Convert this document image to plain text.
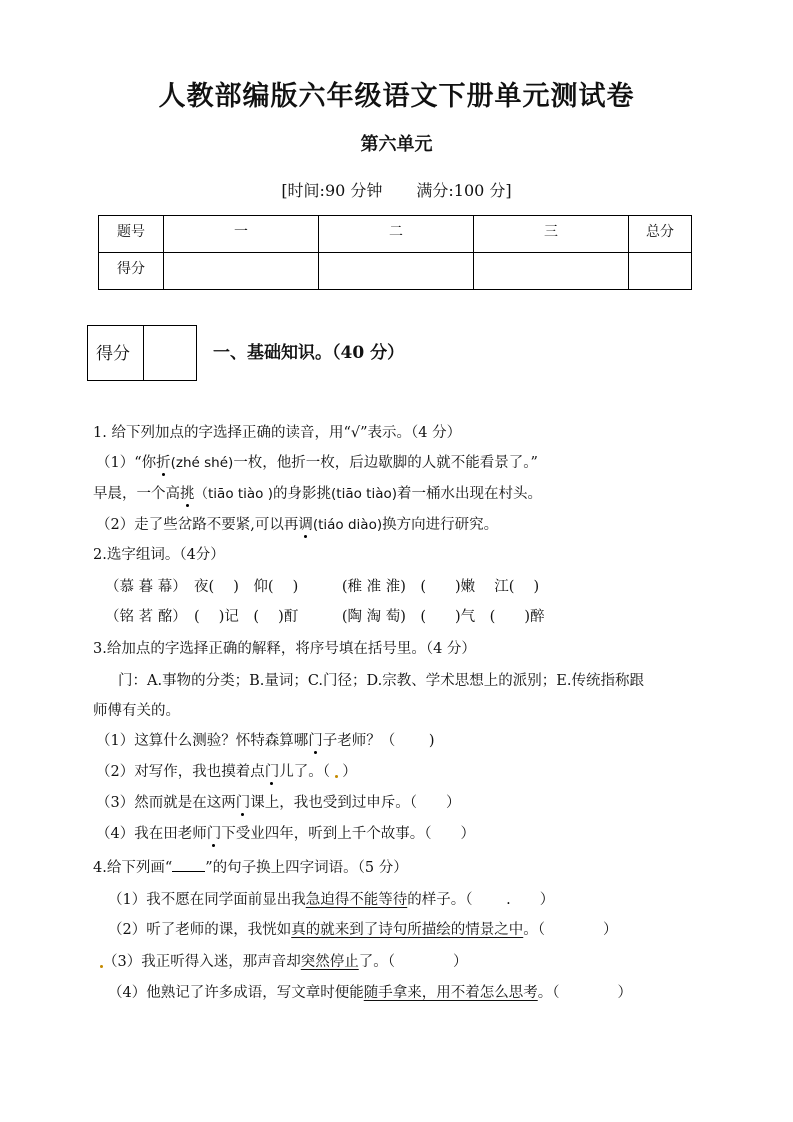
人教部编版六年级语文下册单元测试卷
第六单元
[时间:90 分钟 满分:100 分]
题号	一	二	三	总分
得分				
得分	一、基础知识。（40 分）
1. 给下列加点的字选择正确的读音，用“√”表示。（4 分）
（1）“你折(zhé shé)一枚，他折一枚，后边歇脚的人就不能看景了。”
早晨，一个高挑（tiāo tiào )的身影挑(tiāo tiào)着一桶水出现在村头。
（2）走了些岔路不要紧,可以再调(tiáo diào)换方向进行研究。
2.选字组词。（4分）
（慕 暮 幕）　夜(　 )　仰(　 )　　　(稚 准 淮)　(　　)嫩　 江(　 )
（铭 茗 酩）　(　 )记　(　 )酊　　　(陶 淘 萄)　(　　)气　(　　)醉
3.给加点的字选择正确的解释，将序号填在括号里。（4 分）
门：A.事物的分类；B.量词；C.门径；D.宗教、学术思想上的派别；E.传统指称跟
师傅有关的。
（1）这算什么测验？怀特森算哪门子老师？（　　 )
（2）对写作，我也摸着点门儿了。（  ）
（3）然而就是在这两门课上，我也受到过申斥。（　　）
（4）我在田老师门下受业四年，听到上千个故事。（　　）
4.给下列画“ ”的句子换上四字词语。（5 分）
（1）我不愿在同学面前显出我急迫得不能等待的样子。（　　 .　　）
（2）听了老师的课，我恍如真的就来到了诗句所描绘的情景之中。（　　　　）
（3）我正听得入迷，那声音却突然停止了。（　　　　）
（4）他熟记了许多成语，写文章时便能随手拿来，用不着怎么思考。（　　　　）
